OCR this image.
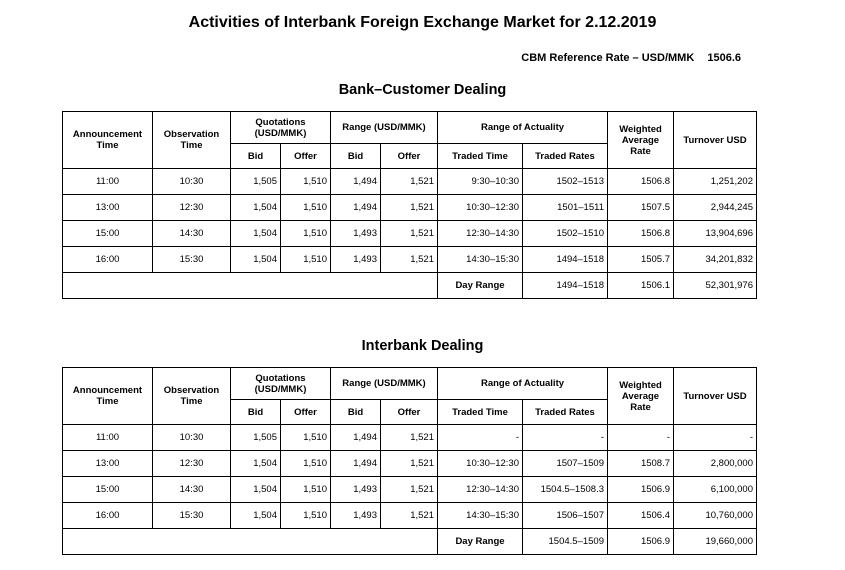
Activities of Interbank Foreign Exchange Market for 2.12.2019
CBM Reference Rate – USD/MMK 1506.6
Bank–Customer Dealing
Announcement Time	Observation Time	Quotations (USD/MMK)		Range (USD/MMK)		Range of Actuality		Weighted Average Rate	Turnover USD
		Bid	Offer	Bid	Offer	Traded Time	Traded Rates		
11:00	10:30	1,505	1,510	1,494	1,521	9:30–10:30	1502–1513	1506.8	1,251,202
13:00	12:30	1,504	1,510	1,494	1,521	10:30–12:30	1501–1511	1507.5	2,944,245
15:00	14:30	1,504	1,510	1,493	1,521	12:30–14:30	1502–1510	1506.8	13,904,696
16:00	15:30	1,504	1,510	1,493	1,521	14:30–15:30	1494–1518	1505.7	34,201,832
						Day Range	1494–1518	1506.1	52,301,976
Interbank Dealing
Announcement Time	Observation Time	Quotations (USD/MMK)		Range (USD/MMK)		Range of Actuality		Weighted Average Rate	Turnover USD
		Bid	Offer	Bid	Offer	Traded Time	Traded Rates		
11:00	10:30	1,505	1,510	1,494	1,521	-	-	-	-
13:00	12:30	1,504	1,510	1,494	1,521	10:30–12:30	1507–1509	1508.7	2,800,000
15:00	14:30	1,504	1,510	1,493	1,521	12:30–14:30	1504.5–1508.3	1506.9	6,100,000
16:00	15:30	1,504	1,510	1,493	1,521	14:30–15:30	1506–1507	1506.4	10,760,000
						Day Range	1504.5–1509	1506.9	19,660,000
